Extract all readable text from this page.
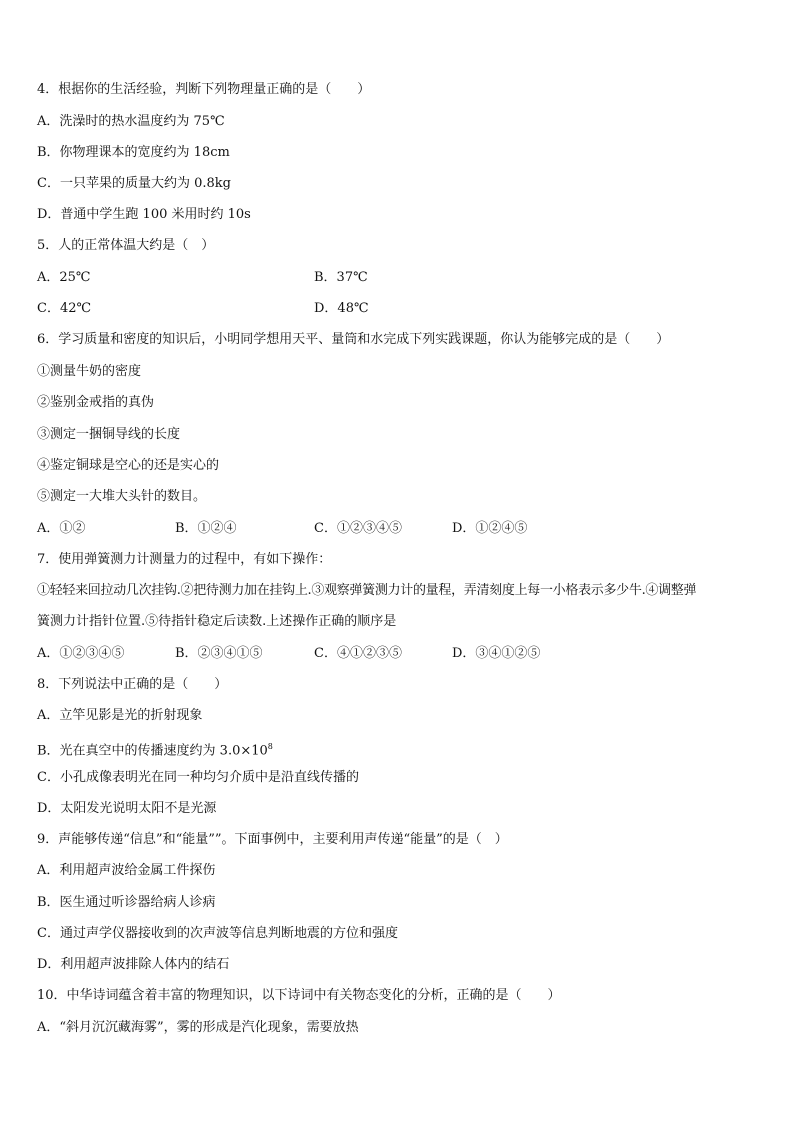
4．根据你的生活经验，判断下列物理量正确的是（　　）
A．洗澡时的热水温度约为 75℃
B．你物理课本的宽度约为 18cm
C．一只苹果的质量大约为 0.8kg
D．普通中学生跑 100 米用时约 10s
5．人的正常体温大约是（　）
A．25℃	B．37℃
C．42℃	D．48℃
6．学习质量和密度的知识后，小明同学想用天平、量筒和水完成下列实践课题，你认为能够完成的是（　　）
①测量牛奶的密度
②鉴别金戒指的真伪
③测定一捆铜导线的长度
④鉴定铜球是空心的还是实心的
⑤测定一大堆大头针的数目。
A．①②	B．①②④	C．①②③④⑤	D．①②④⑤
7．使用弹簧测力计测量力的过程中，有如下操作：
①轻轻来回拉动几次挂钩.②把待测力加在挂钩上.③观察弹簧测力计的量程，弄清刻度上每一小格表示多少牛.④调整弹
簧测力计指针位置.⑤待指针稳定后读数.上述操作正确的顺序是
A．①②③④⑤	B．②③④①⑤	C．④①②③⑤	D．③④①②⑤
8．下列说法中正确的是（　　）
A．立竿见影是光的折射现象
B．光在真空中的传播速度约为 $3.0\times 10^8$
C．小孔成像表明光在同一种均匀介质中是沿直线传播的
D．太阳发光说明太阳不是光源
9．声能够传递“信息”和“能量””。下面事例中，主要利用声传递“能量”的是（　）
A．利用超声波给金属工件探伤
B．医生通过听诊器给病人诊病
C．通过声学仪器接收到的次声波等信息判断地震的方位和强度
D．利用超声波排除人体内的结石
10．中华诗词蕴含着丰富的物理知识，以下诗词中有关物态变化的分析，正确的是（　　）
A．“斜月沉沉藏海雾”，雾的形成是汽化现象，需要放热
